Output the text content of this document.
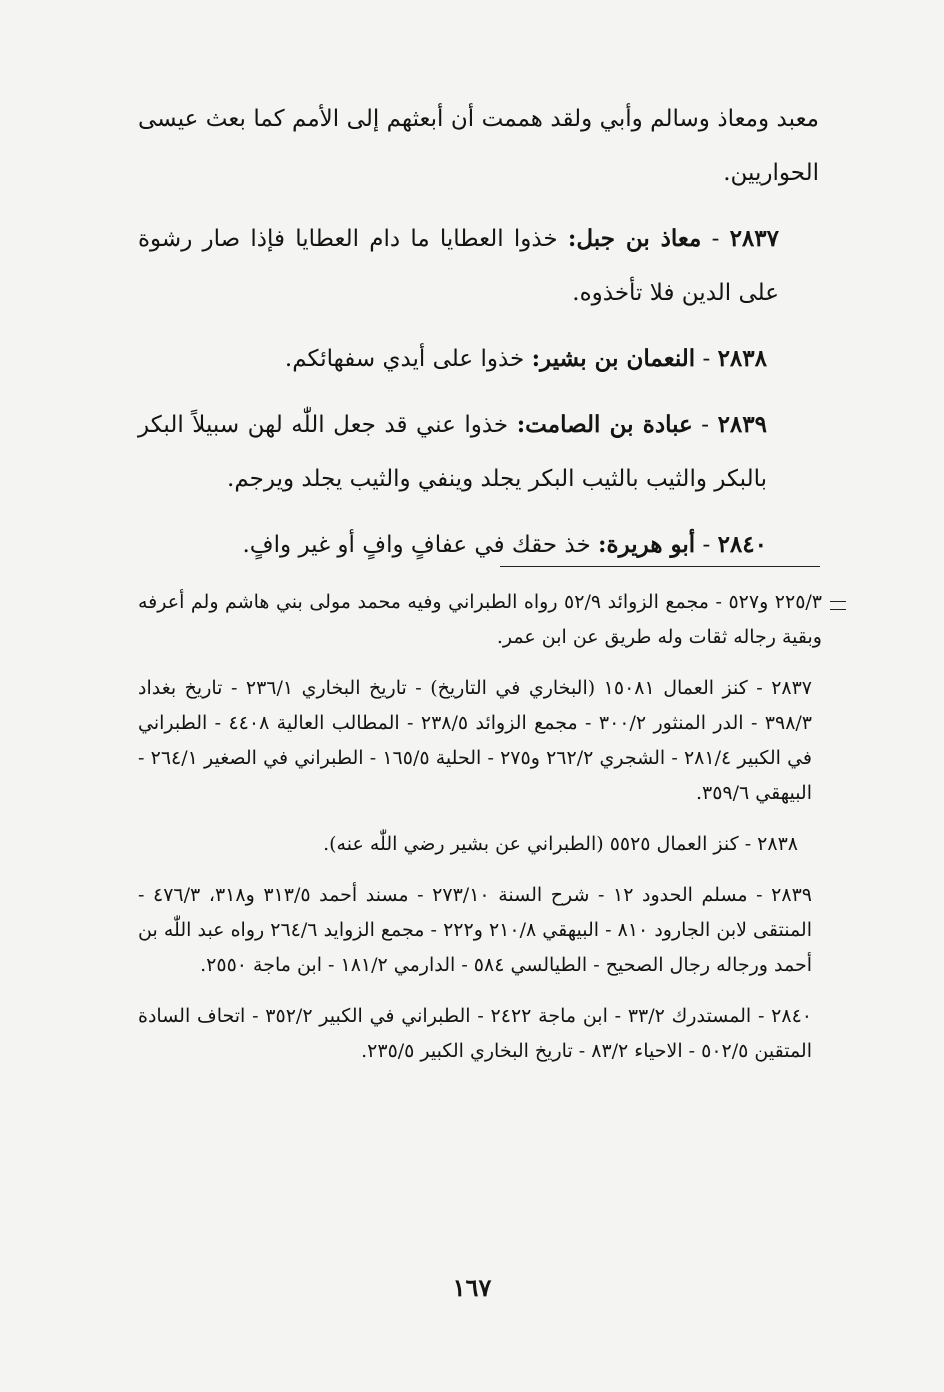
معبد ومعاذ وسالم وأبي ولقد هممت أن أبعثهم إلى الأمم كما بعث عيسى الحواريين.

٢٨٣٧ - معاذ بن جبل: خذوا العطايا ما دام العطايا فإذا صار رشوة على الدين فلا تأخذوه.

٢٨٣٨ - النعمان بن بشير: خذوا على أيدي سفهائكم.

٢٨٣٩ - عبادة بن الصامت: خذوا عني قد جعل اللّٰه لهن سبيلاً البكر بالبكر والثيب بالثيب البكر يجلد وينفي والثيب يجلد ويرجم.

٢٨٤٠ - أبو هريرة: خذ حقك في عفافٍ وافٍ أو غير وافٍ.

٢٢٥/٣ و٥٢٧ - مجمع الزوائد ٥٢/٩ رواه الطبراني وفيه محمد مولى بني هاشم ولم أعرفه وبقية رجاله ثقات وله طريق عن ابن عمر.

٢٨٣٧ - كنز العمال ١٥٠٨١ (البخاري في التاريخ) - تاريخ البخاري ٢٣٦/١ - تاريخ بغداد ٣٩٨/٣ - الدر المنثور ٣٠٠/٢ - مجمع الزوائد ٢٣٨/٥ - المطالب العالية ٤٤٠٨ - الطبراني في الكبير ٢٨١/٤ - الشجري ٢٦٢/٢ و٢٧٥ - الحلية ١٦٥/٥ - الطبراني في الصغير ٢٦٤/١ - البيهقي ٣٥٩/٦.

٢٨٣٨ - كنز العمال ٥٥٢٥ (الطبراني عن بشير رضي اللّٰه عنه).

٢٨٣٩ - مسلم الحدود ١٢ - شرح السنة ٢٧٣/١٠ - مسند أحمد ٣١٣/٥ و٣١٨، ٤٧٦/٣ - المنتقى لابن الجارود ٨١٠ - البيهقي ٢١٠/٨ و٢٢٢ - مجمع الزوايد ٢٦٤/٦ رواه عبد اللّٰه بن أحمد ورجاله رجال الصحيح - الطيالسي ٥٨٤ - الدارمي ١٨١/٢ - ابن ماجة ٢٥٥٠.

٢٨٤٠ - المستدرك ٣٣/٢ - ابن ماجة ٢٤٢٢ - الطبراني في الكبير ٣٥٢/٢ - اتحاف السادة المتقين ٥٠٢/٥ - الاحياء ٨٣/٢ - تاريخ البخاري الكبير ٢٣٥/٥.

١٦٧
